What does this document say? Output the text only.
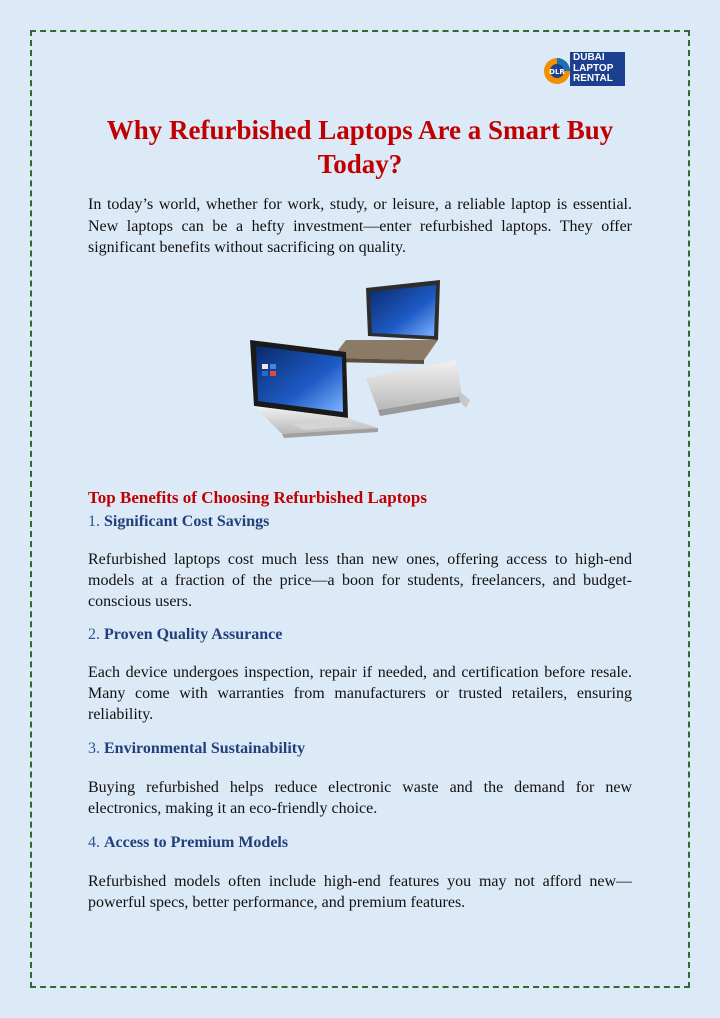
DLR
DUBAI
LAPTOP
RENTAL
Why Refurbished Laptops Are a Smart Buy Today?

In today’s world, whether for work, study, or leisure, a reliable laptop is essential. New laptops can be a hefty investment—enter refurbished laptops. They offer significant benefits without sacrificing on quality.

Top Benefits of Choosing Refurbished Laptops

1. Significant Cost Savings

Refurbished laptops cost much less than new ones, offering access to high-end models at a fraction of the price—a boon for students, freelancers, and budget-conscious users.

2. Proven Quality Assurance

Each device undergoes inspection, repair if needed, and certification before resale. Many come with warranties from manufacturers or trusted retailers, ensuring reliability.

3. Environmental Sustainability

Buying refurbished helps reduce electronic waste and the demand for new electronics, making it an eco-friendly choice.

4. Access to Premium Models

Refurbished models often include high-end features you may not afford new—powerful specs, better performance, and premium features.
